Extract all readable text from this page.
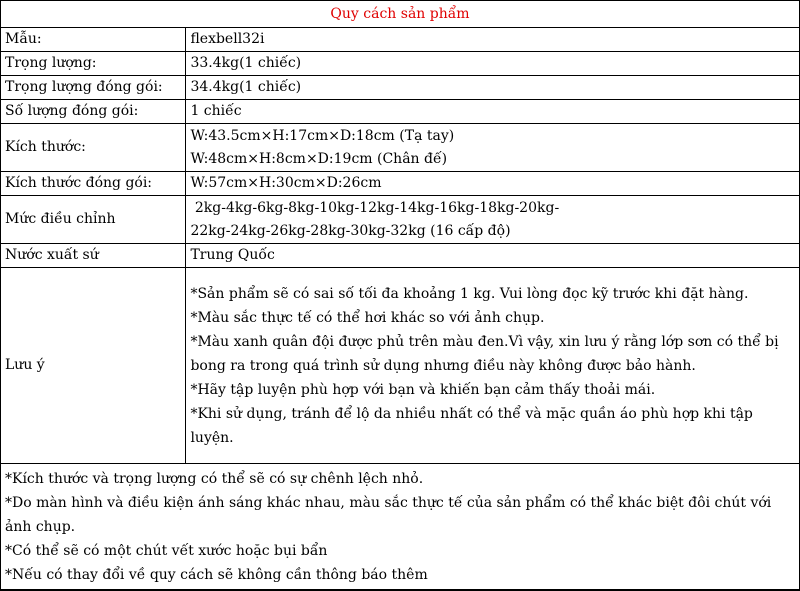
Quy cách sản phẩm
Mẫu:	flexbell32i
Trọng lượng:	33.4kg(1 chiếc)
Trọng lượng đóng gói:	34.4kg(1 chiếc)
Số lượng đóng gói:	1 chiếc
Kích thước:	W:43.5cm×H:17cm×D:18cm (Tạ tay)
W:48cm×H:8cm×D:19cm (Chân đế)

Kích thước đóng gói:	W:57cm×H:30cm×D:26cm
Mức điều chỉnh	2kg-4kg-6kg-8kg-10kg-12kg-14kg-16kg-18kg-20kg-
22kg-24kg-26kg-28kg-30kg-32kg (16 cấp độ)

Nước xuất sứ	Trung Quốc
Lưu ý	*Sản phẩm sẽ có sai số tối đa khoảng 1 kg. Vui lòng đọc kỹ trước khi đặt hàng.
*Màu sắc thực tế có thể hơi khác so với ảnh chụp.
*Màu xanh quân đội được phủ trên màu đen.Vì vậy, xin lưu ý rằng lớp sơn có thể bị bong ra trong quá trình sử dụng nhưng điều này không được bảo hành.
*Hãy tập luyện phù hợp với bạn và khiến bạn cảm thấy thoải mái.
*Khi sử dụng, tránh để lộ da nhiều nhất có thể và mặc quần áo phù hợp khi tập luyện.

*Kích thước và trọng lượng có thể sẽ có sự chênh lệch nhỏ.
*Do màn hình và điều kiện ánh sáng khác nhau, màu sắc thực tế của sản phẩm có thể khác biệt đôi chút với ảnh chụp.
*Có thể sẽ có một chút vết xước hoặc bụi bẩn
*Nếu có thay đổi về quy cách sẽ không cần thông báo thêm	
